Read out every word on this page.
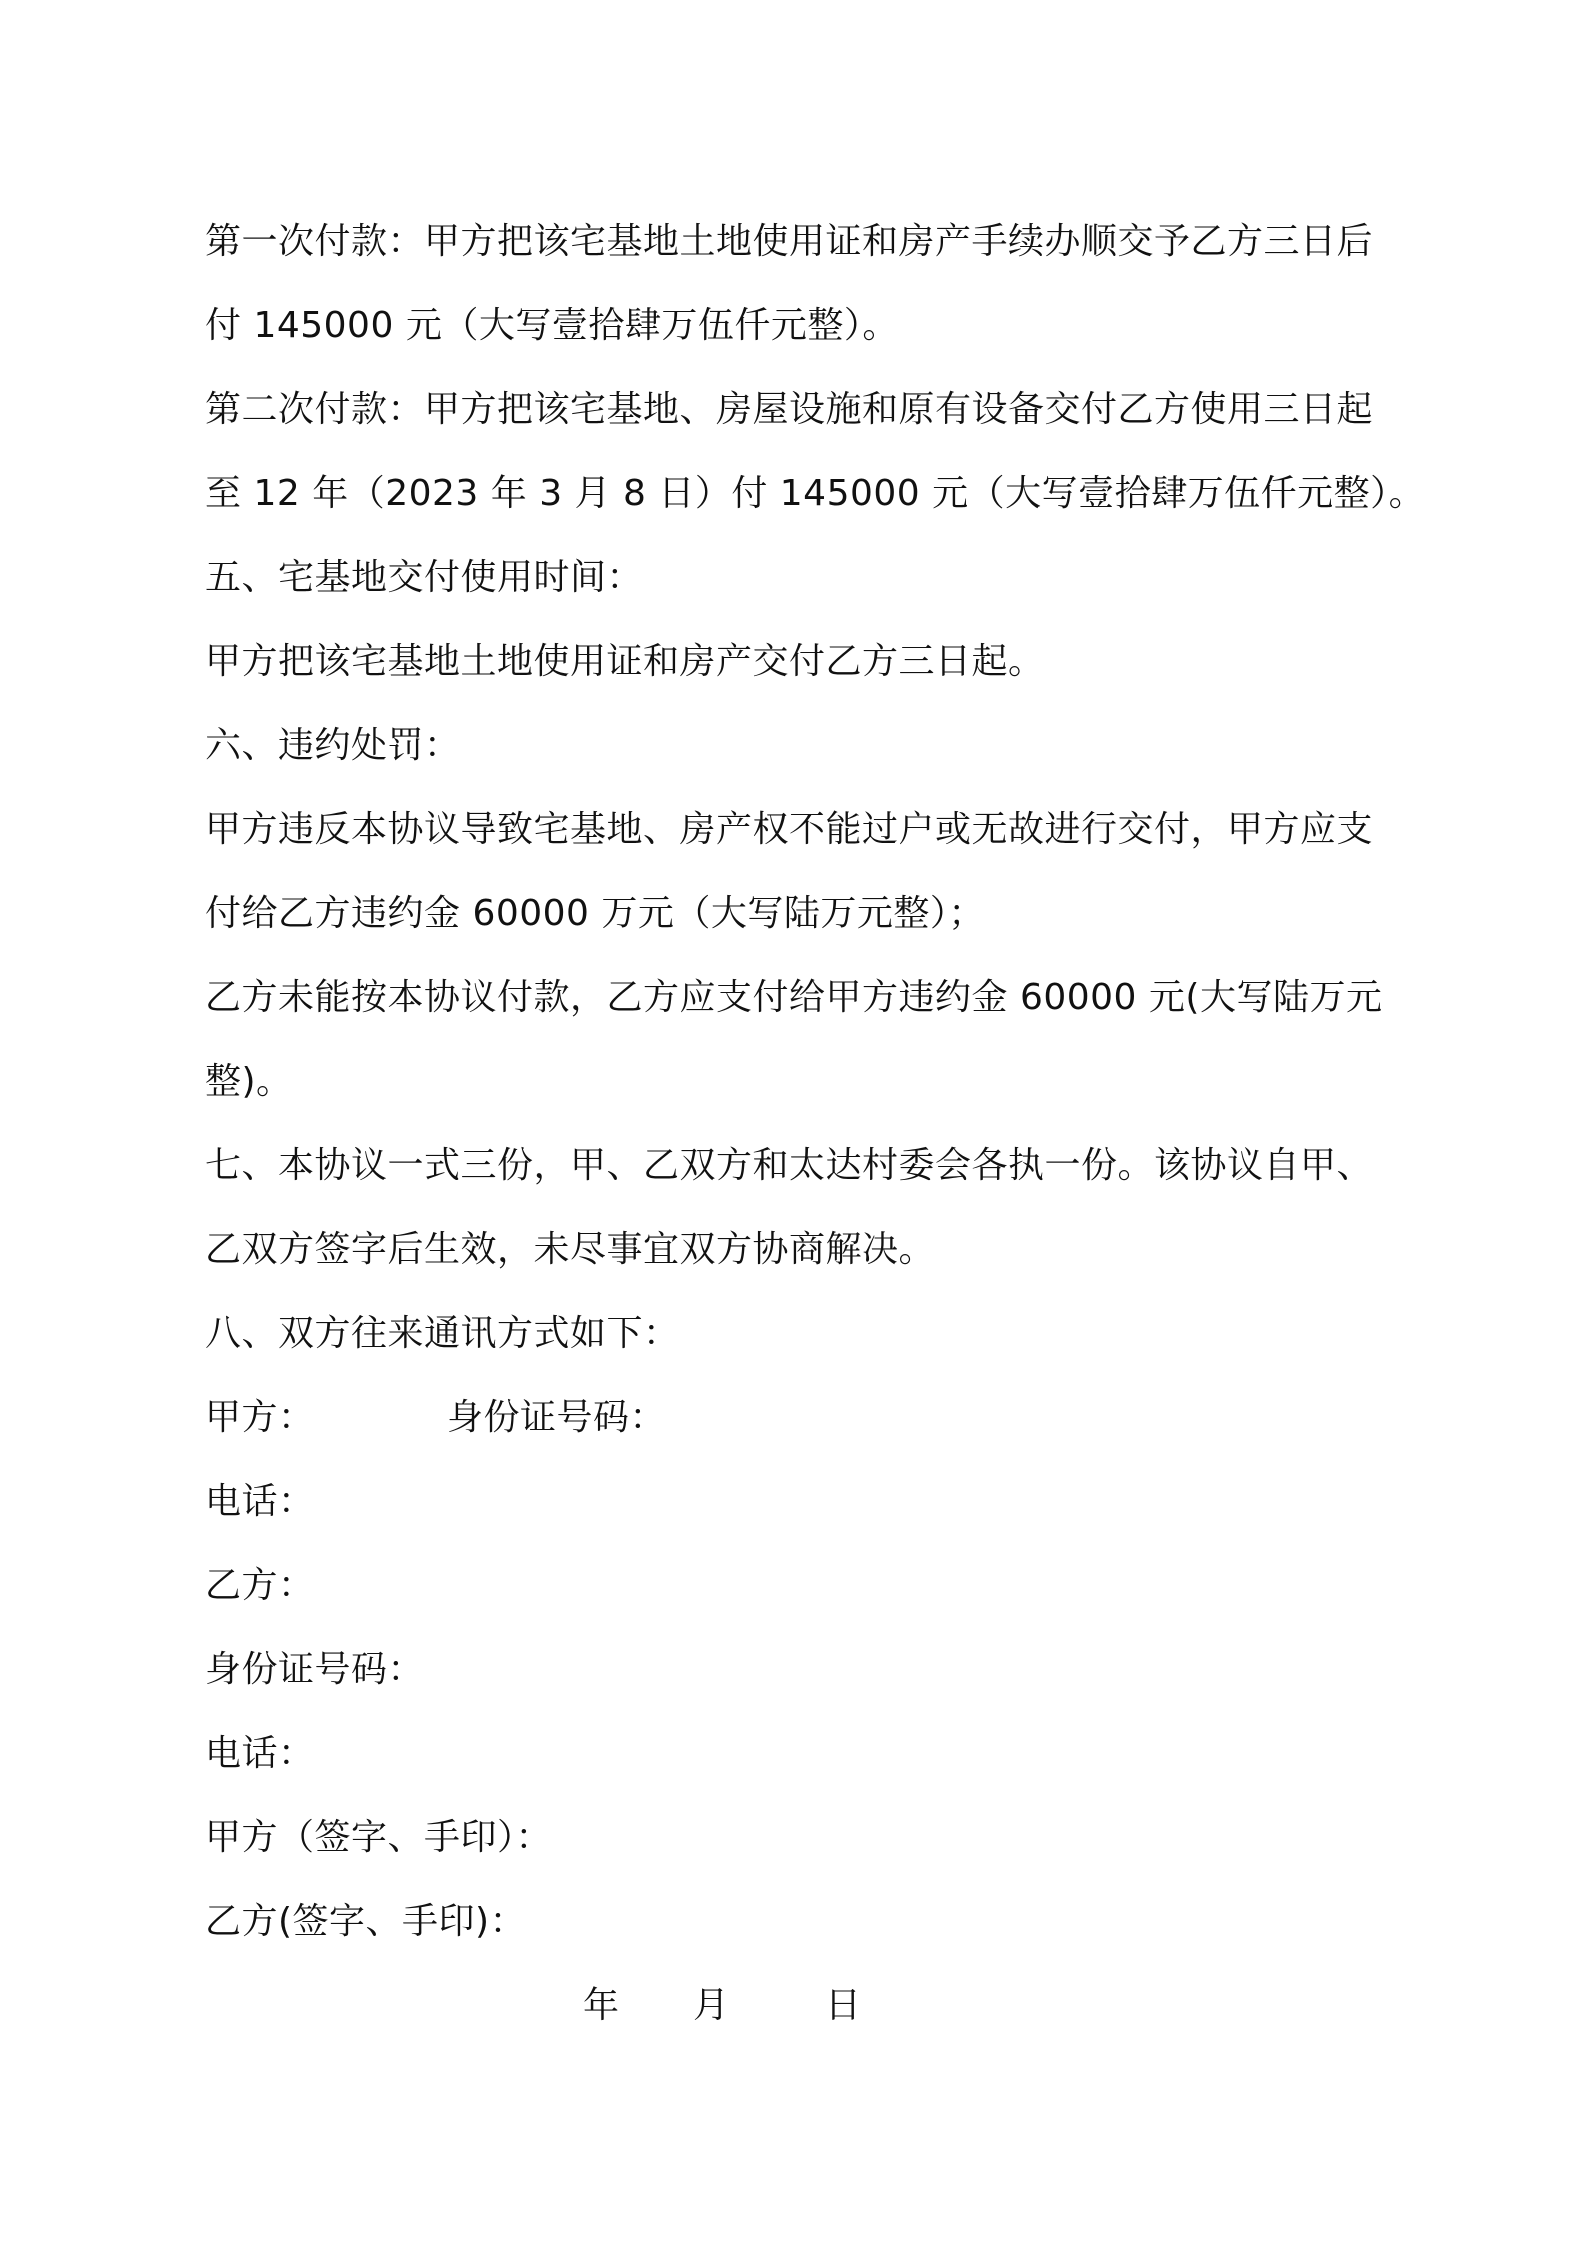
第一次付款：甲方把该宅基地土地使用证和房产手续办顺交予乙方三日后
付 145000 元（大写壹拾肆万伍仟元整）。
第二次付款：甲方把该宅基地、房屋设施和原有设备交付乙方使用三日起
至 12 年（2023 年 3 月 8 日）付 145000 元（大写壹拾肆万伍仟元整）。
五、宅基地交付使用时间：
甲方把该宅基地土地使用证和房产交付乙方三日起。
六、违约处罚：
甲方违反本协议导致宅基地、房产权不能过户或无故进行交付，甲方应支
付给乙方违约金 60000 万元（大写陆万元整）；
乙方未能按本协议付款，乙方应支付给甲方违约金 60000 元(大写陆万元
整)。
七、本协议一式三份，甲、乙双方和太达村委会各执一份。该协议自甲、
乙双方签字后生效，未尽事宜双方协商解决。
八、双方往来通讯方式如下：
甲方：	身份证号码：
电话：
乙方：
身份证号码：
电话：
甲方（签字、手印）：
乙方(签字、手印)：
年 月	日
